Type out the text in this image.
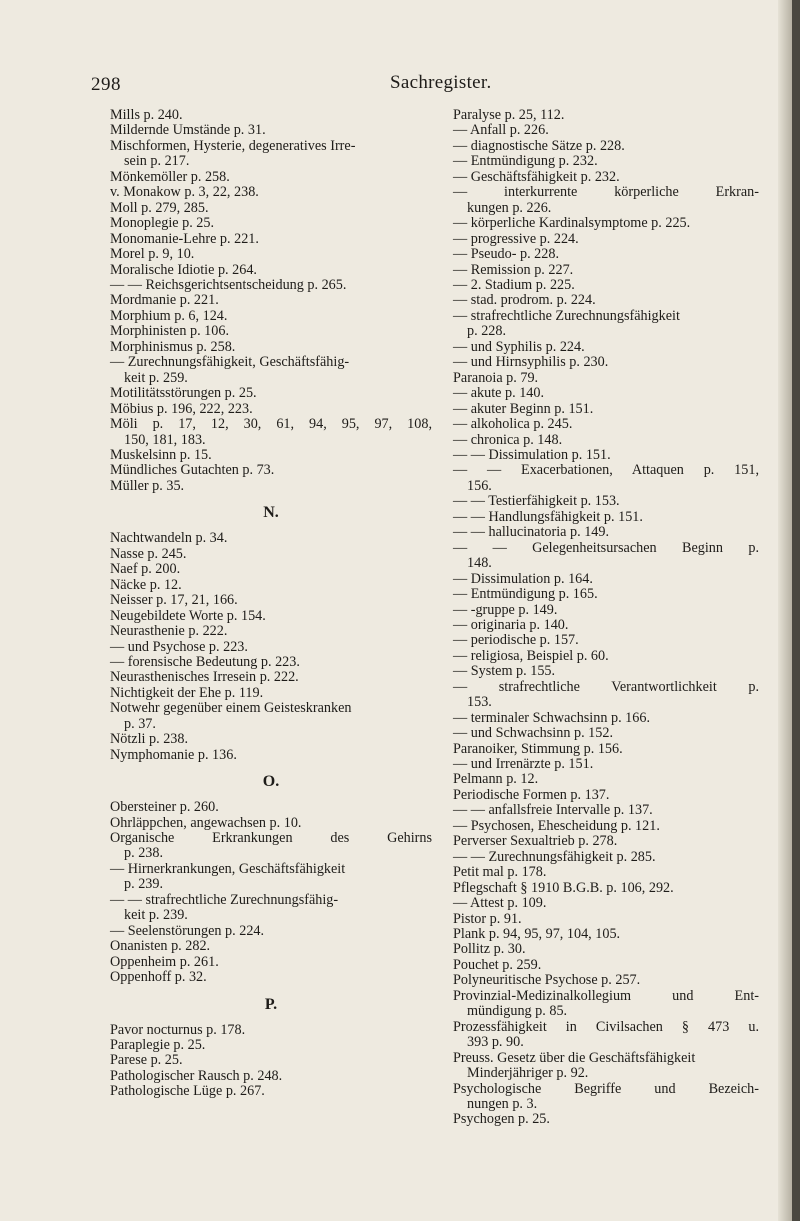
298	Sachregister.
Mills p. 240.
Mildernde Umstände p. 31.
Mischformen, Hysterie, degeneratives Irre-
sein p. 217.
Mönkemöller p. 258.
v. Monakow p. 3, 22, 238.
Moll p. 279, 285.
Monoplegie p. 25.
Monomanie-Lehre p. 221.
Morel p. 9, 10.
Moralische Idiotie p. 264.
— — Reichsgerichtsentscheidung p. 265.
Mordmanie p. 221.
Morphium p. 6, 124.
Morphinisten p. 106.
Morphinismus p. 258.
— Zurechnungsfähigkeit, Geschäftsfähig-
keit p. 259.
Motilitätsstörungen p. 25.
Möbius p. 196, 222, 223.
Möli p. 17, 12, 30, 61, 94, 95, 97, 108,
150, 181, 183.
Muskelsinn p. 15.
Mündliches Gutachten p. 73.
Müller p. 35.
N.
Nachtwandeln p. 34.
Nasse p. 245.
Naef p. 200.
Näcke p. 12.
Neisser p. 17, 21, 166.
Neugebildete Worte p. 154.
Neurasthenie p. 222.
— und Psychose p. 223.
— forensische Bedeutung p. 223.
Neurasthenisches Irresein p. 222.
Nichtigkeit der Ehe p. 119.
Notwehr gegenüber einem Geisteskranken
p. 37.
Nötzli p. 238.
Nymphomanie p. 136.
O.
Obersteiner p. 260.
Ohrläppchen, angewachsen p. 10.
Organische Erkrankungen des Gehirns
p. 238.
— Hirnerkrankungen, Geschäftsfähigkeit
p. 239.
— — strafrechtliche Zurechnungsfähig-
keit p. 239.
— Seelenstörungen p. 224.
Onanisten p. 282.
Oppenheim p. 261.
Oppenhoff p. 32.
P.
Pavor nocturnus p. 178.
Paraplegie p. 25.
Parese p. 25.
Pathologischer Rausch p. 248.
Pathologische Lüge p. 267.
Paralyse p. 25, 112.
— Anfall p. 226.
— diagnostische Sätze p. 228.
— Entmündigung p. 232.
— Geschäftsfähigkeit p. 232.
— interkurrente körperliche Erkran-
kungen p. 226.
— körperliche Kardinalsymptome p. 225.
— progressive p. 224.
— Pseudo- p. 228.
— Remission p. 227.
— 2. Stadium p. 225.
— stad. prodrom. p. 224.
— strafrechtliche Zurechnungsfähigkeit
p. 228.
— und Syphilis p. 224.
— und Hirnsyphilis p. 230.
Paranoia p. 79.
— akute p. 140.
— akuter Beginn p. 151.
— alkoholica p. 245.
— chronica p. 148.
— — Dissimulation p. 151.
— — Exacerbationen, Attaquen p. 151,
156.
— — Testierfähigkeit p. 153.
— — Handlungsfähigkeit p. 151.
— — hallucinatoria p. 149.
— — Gelegenheitsursachen Beginn p.
148.
— Dissimulation p. 164.
— Entmündigung p. 165.
— -gruppe p. 149.
— originaria p. 140.
— periodische p. 157.
— religiosa, Beispiel p. 60.
— System p. 155.
— strafrechtliche Verantwortlichkeit p.
153.
— terminaler Schwachsinn p. 166.
— und Schwachsinn p. 152.
Paranoiker, Stimmung p. 156.
— und Irrenärzte p. 151.
Pelmann p. 12.
Periodische Formen p. 137.
— — anfallsfreie Intervalle p. 137.
— Psychosen, Ehescheidung p. 121.
Perverser Sexualtrieb p. 278.
— — Zurechnungsfähigkeit p. 285.
Petit mal p. 178.
Pflegschaft § 1910 B.G.B. p. 106, 292.
— Attest p. 109.
Pistor p. 91.
Plank p. 94, 95, 97, 104, 105.
Pollitz p. 30.
Pouchet p. 259.
Polyneuritische Psychose p. 257.
Provinzial-Medizinalkollegium und Ent-
mündigung p. 85.
Prozessfähigkeit in Civilsachen § 473 u.
393 p. 90.
Preuss. Gesetz über die Geschäftsfähigkeit
Minderjähriger p. 92.
Psychologische Begriffe und Bezeich-
nungen p. 3.
Psychogen p. 25.
